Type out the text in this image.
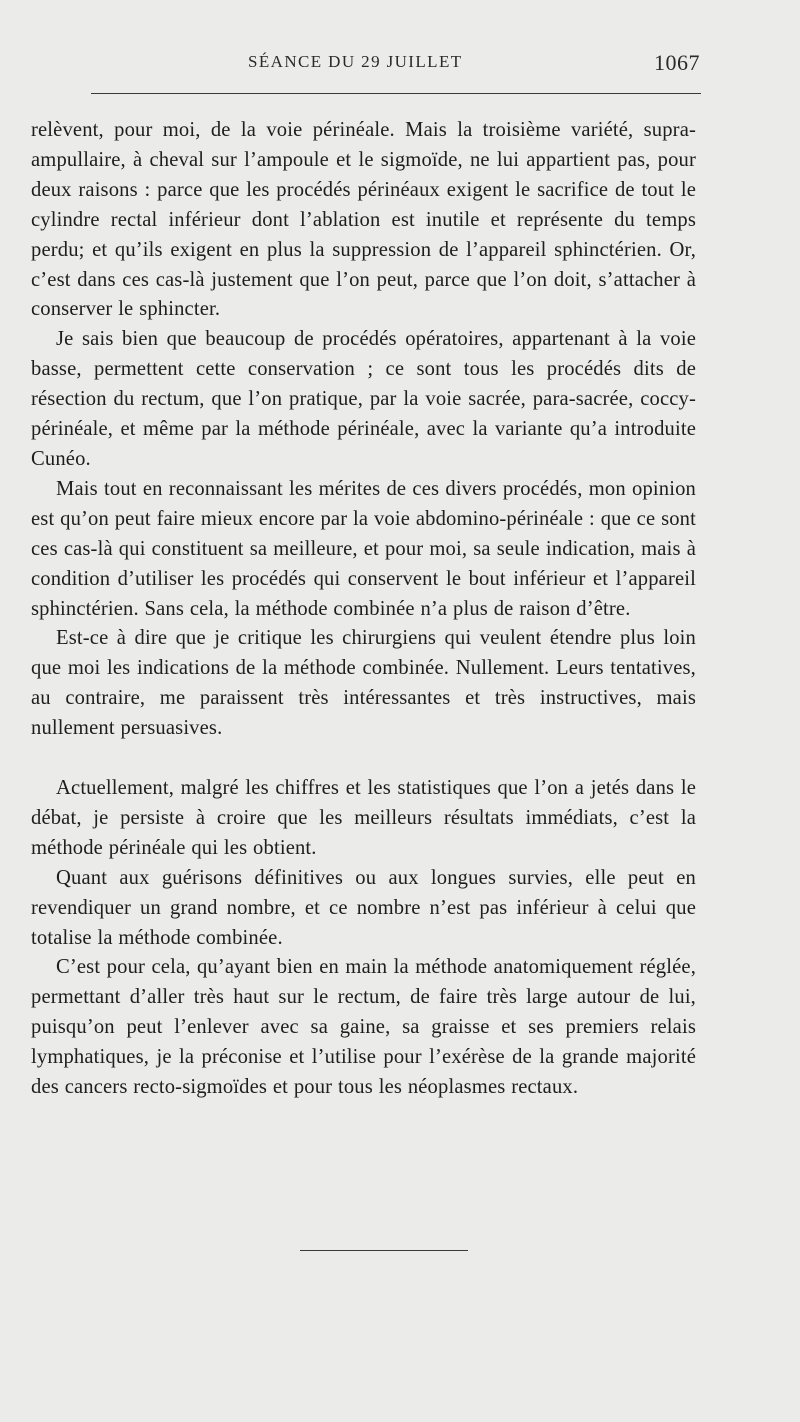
SÉANCE DU 29 JUILLET	1067

relèvent, pour moi, de la voie périnéale. Mais la troisième variété, supra-ampullaire, à cheval sur l’ampoule et le sigmoïde, ne lui appartient pas, pour deux raisons : parce que les procédés périnéaux exigent le sacrifice de tout le cylindre rectal inférieur dont l’ablation est inutile et représente du temps perdu; et qu’ils exigent en plus la suppression de l’appareil sphinctérien. Or, c’est dans ces cas-là justement que l’on peut, parce que l’on doit, s’attacher à conserver le sphincter.

Je sais bien que beaucoup de procédés opératoires, appartenant à la voie basse, permettent cette conservation ; ce sont tous les procédés dits de résection du rectum, que l’on pratique, par la voie sacrée, para-sacrée, coccy-périnéale, et même par la méthode périnéale, avec la variante qu’a introduite Cunéo.

Mais tout en reconnaissant les mérites de ces divers procédés, mon opinion est qu’on peut faire mieux encore par la voie abdomino-périnéale : que ce sont ces cas-là qui constituent sa meilleure, et pour moi, sa seule indication, mais à condition d’utiliser les procédés qui conservent le bout inférieur et l’appareil sphinctérien. Sans cela, la méthode combinée n’a plus de raison d’être.

Est-ce à dire que je critique les chirurgiens qui veulent étendre plus loin que moi les indications de la méthode combinée. Nullement. Leurs tentatives, au contraire, me paraissent très intéressantes et très instructives, mais nullement persuasives.

Actuellement, malgré les chiffres et les statistiques que l’on a jetés dans le débat, je persiste à croire que les meilleurs résultats immédiats, c’est la méthode périnéale qui les obtient.

Quant aux guérisons définitives ou aux longues survies, elle peut en revendiquer un grand nombre, et ce nombre n’est pas inférieur à celui que totalise la méthode combinée.

C’est pour cela, qu’ayant bien en main la méthode anatomiquement réglée, permettant d’aller très haut sur le rectum, de faire très large autour de lui, puisqu’on peut l’enlever avec sa gaine, sa graisse et ses premiers relais lymphatiques, je la préconise et l’utilise pour l’exérèse de la grande majorité des cancers recto-sigmoïdes et pour tous les néoplasmes rectaux.
